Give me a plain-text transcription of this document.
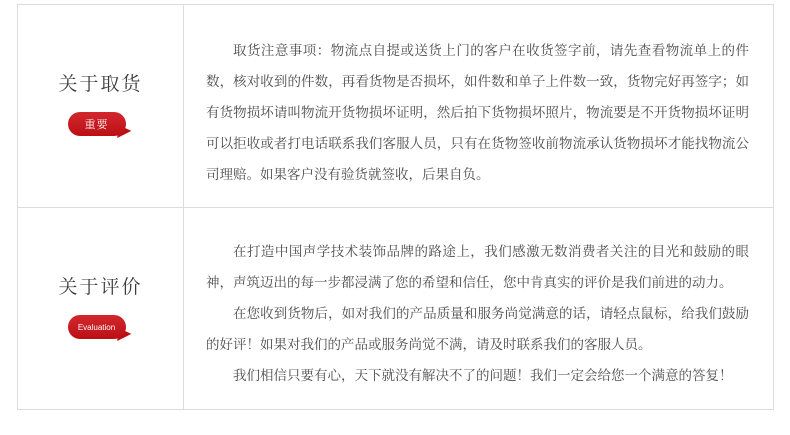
关于取货
重要

取货注意事项：物流点自提或送货上门的客户在收货签字前，请先查看物流单上的件数，核对收到的件数，再看货物是否损坏，如件数和单子上件数一致，货物完好再签字；如有货物损坏请叫物流开货物损坏证明，然后拍下货物损坏照片，物流要是不开货物损坏证明可以拒收或者打电话联系我们客服人员，只有在货物签收前物流承认货物损坏才能找物流公司理赔。如果客户没有验货就签收，后果自负。

关于评价
Evaluation

在打造中国声学技术装饰品牌的路途上，我们感激无数消费者关注的目光和鼓励的眼神，声筑迈出的每一步都浸满了您的希望和信任，您中肯真实的评价是我们前进的动力。

在您收到货物后，如对我们的产品质量和服务尚觉满意的话，请轻点鼠标，给我们鼓励的好评！如果对我们的产品或服务尚觉不满，请及时联系我们的客服人员。

我们相信只要有心，天下就没有解决不了的问题！我们一定会给您一个满意的答复！
